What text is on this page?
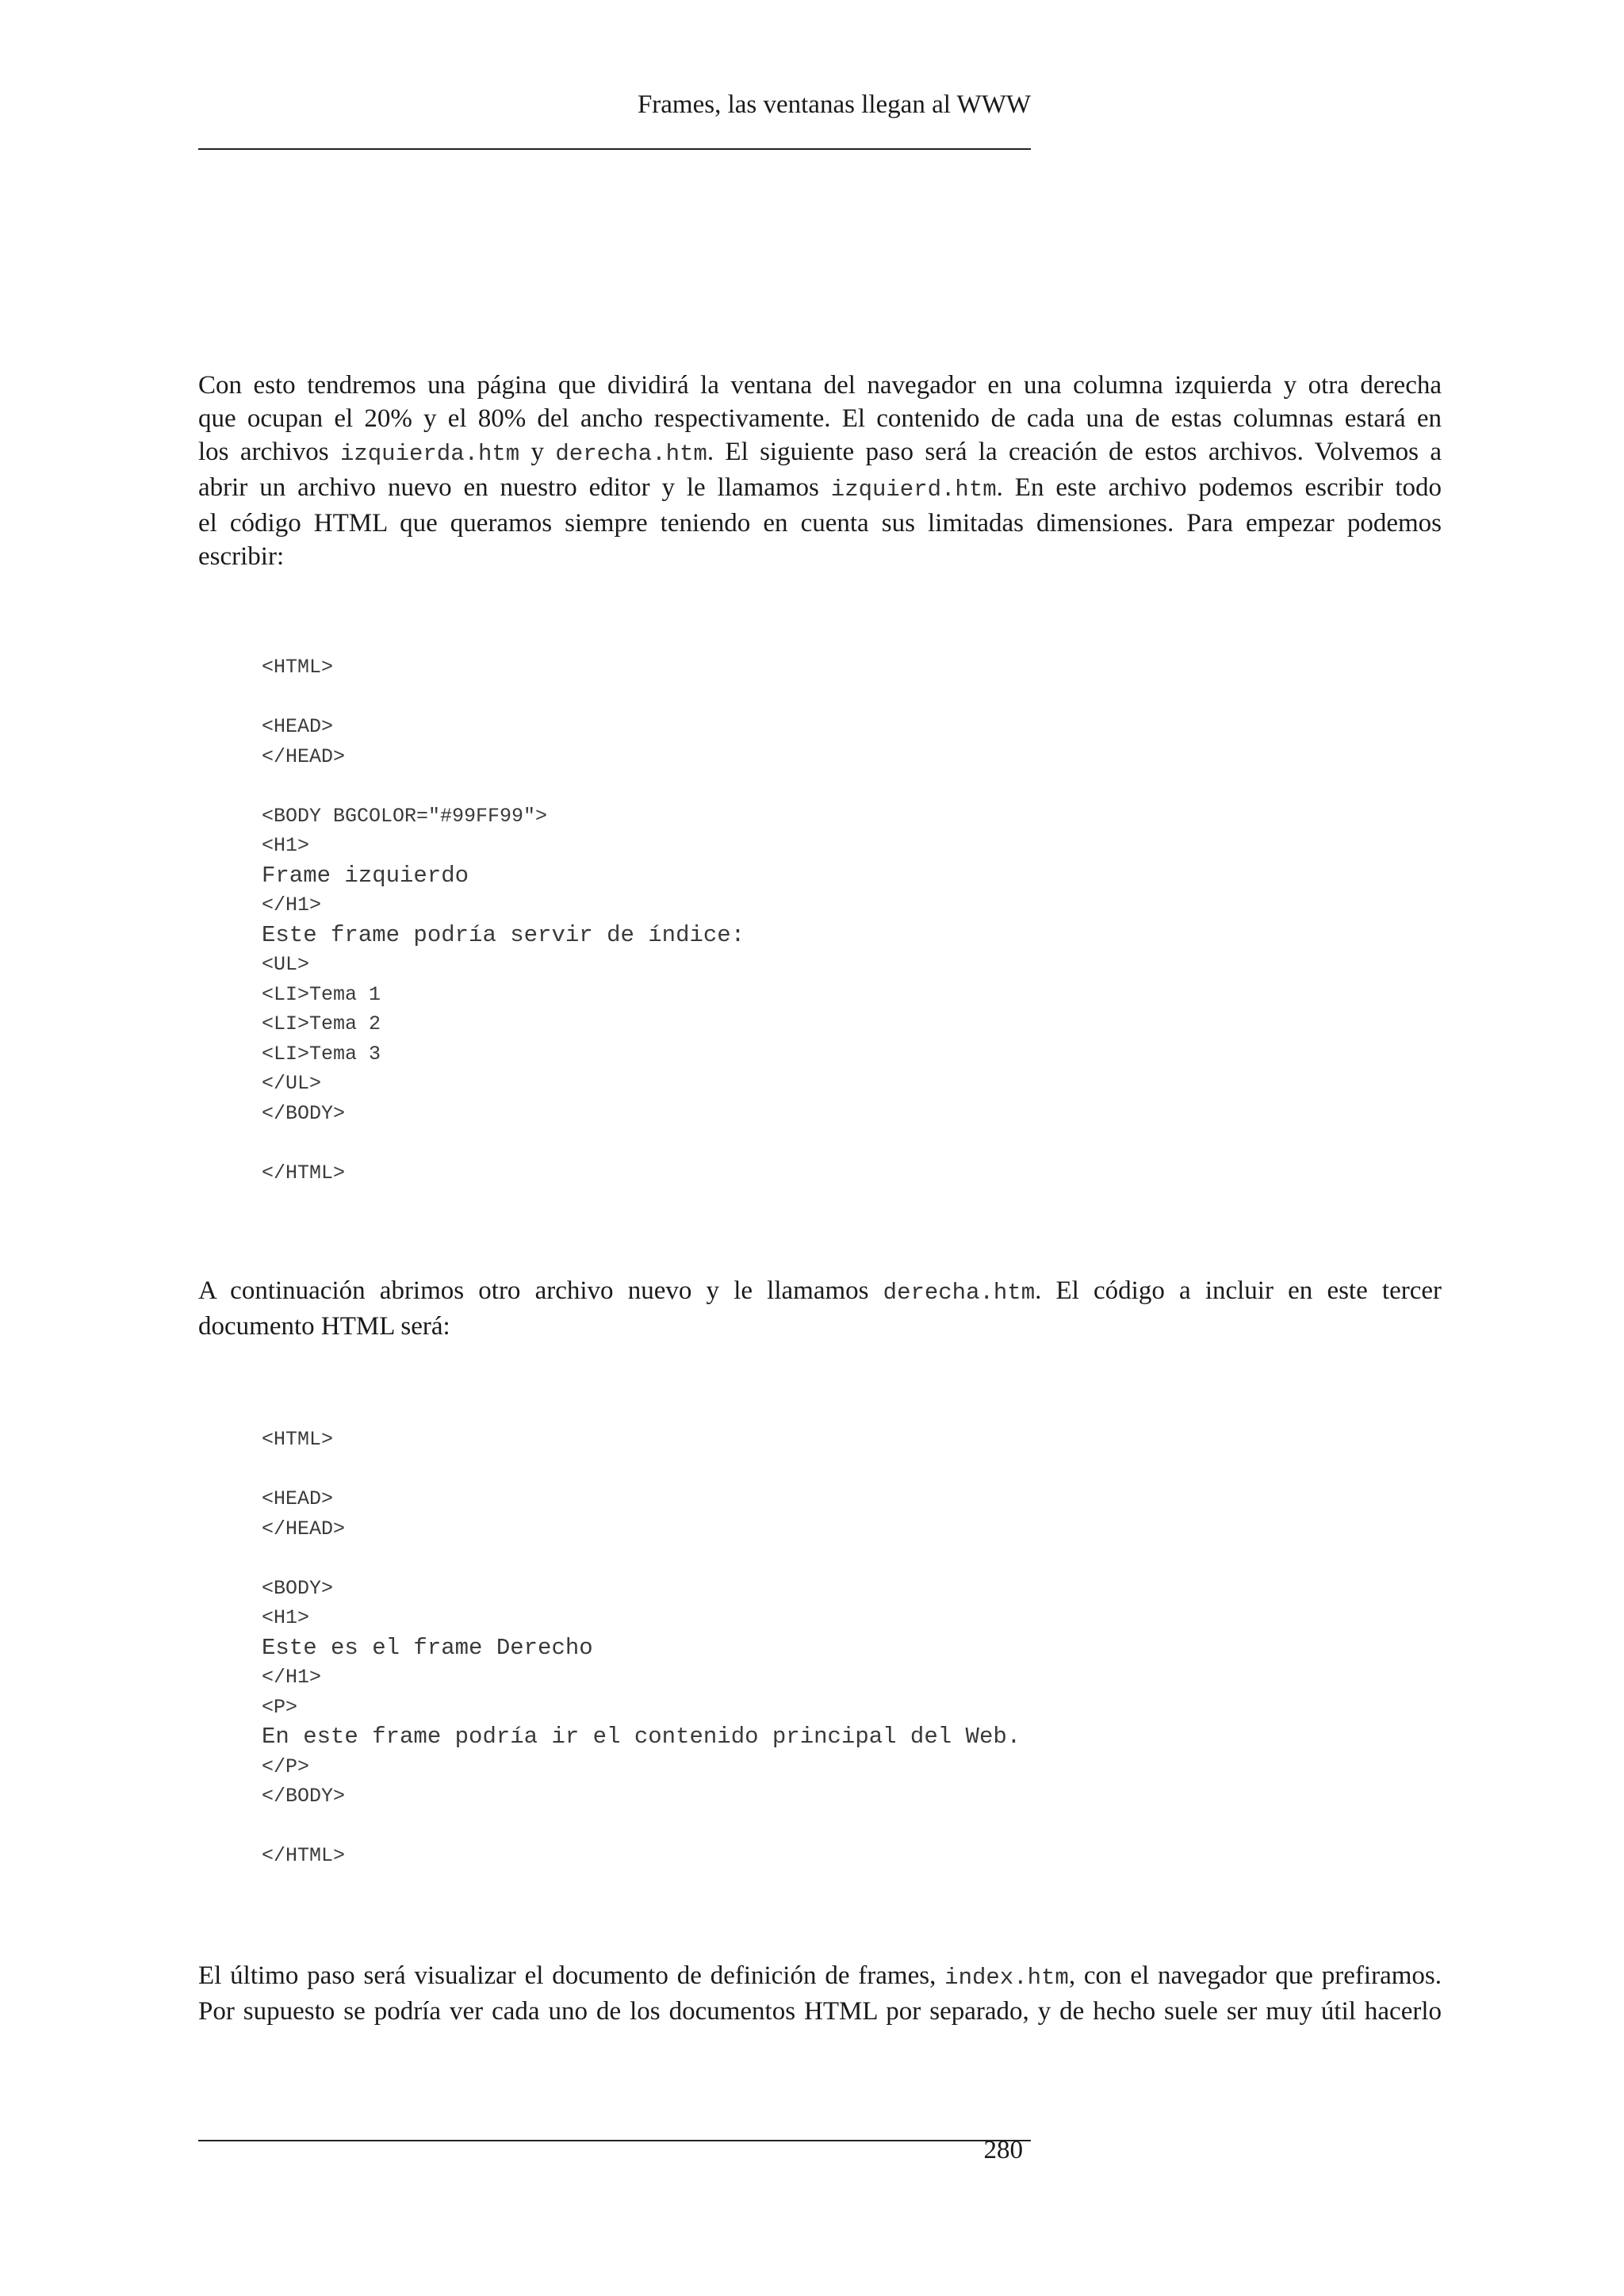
Frames, las ventanas llegan al WWW
Con esto tendremos una página que dividirá la ventana del navegador en una columna izquierda y otra derecha
que ocupan el 20% y el 80% del ancho respectivamente. El contenido de cada una de estas columnas estará en
los archivos izquierda.htm y derecha.htm. El siguiente paso será la creación de estos archivos. Volvemos a
abrir un archivo nuevo en nuestro editor y le llamamos izquierd.htm. En este archivo podemos escribir todo
el código HTML que queramos siempre teniendo en cuenta sus limitadas dimensiones. Para empezar podemos
escribir:
<HTML>
<HEAD>
</HEAD>
<BODY BGCOLOR="#99FF99">
<H1>
Frame izquierdo
</H1>
Este frame podría servir de índice:
<UL>
<LI>Tema 1
<LI>Tema 2
<LI>Tema 3
</UL>
</BODY>
</HTML>
A continuación abrimos otro archivo nuevo y le llamamos derecha.htm. El código a incluir en este tercer
documento HTML será:
<HTML>
<HEAD>
</HEAD>
<BODY>
<H1>
Este es el frame Derecho
</H1>
<P>
En este frame podría ir el contenido principal del Web.
</P>
</BODY>
</HTML>
El último paso será visualizar el documento de definición de frames, index.htm, con el navegador que prefiramos.
Por supuesto se podría ver cada uno de los documentos HTML por separado, y de hecho suele ser muy útil hacerlo
280
